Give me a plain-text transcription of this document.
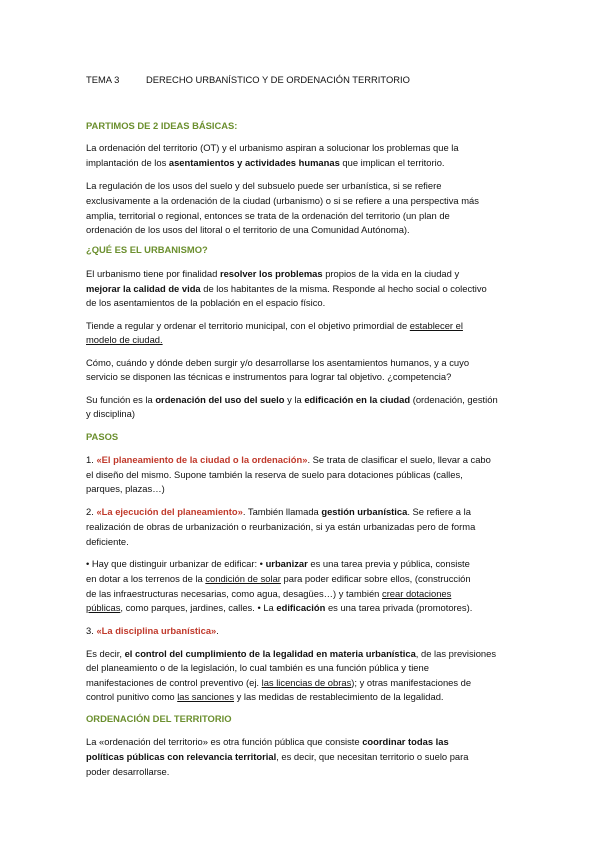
TEMA 3	DERECHO URBANÍSTICO Y DE ORDENACIÓN TERRITORIO
PARTIMOS DE 2 IDEAS BÁSICAS:
La ordenación del territorio (OT) y el urbanismo aspiran a solucionar los problemas que la
implantación de los asentamientos y actividades humanas que implican el territorio.
La regulación de los usos del suelo y del subsuelo puede ser urbanística, si se refiere
exclusivamente a la ordenación de la ciudad (urbanismo) o si se refiere a una perspectiva más
amplia, territorial o regional, entonces se trata de la ordenación del territorio (un plan de
ordenación de los usos del litoral o el territorio de una Comunidad Autónoma).
¿QUÉ ES EL URBANISMO?
El urbanismo tiene por finalidad resolver los problemas propios de la vida en la ciudad y
mejorar la calidad de vida de los habitantes de la misma. Responde al hecho social o colectivo
de los asentamientos de la población en el espacio físico.
Tiende a regular y ordenar el territorio municipal, con el objetivo primordial de establecer el
modelo de ciudad.
Cómo, cuándo y dónde deben surgir y/o desarrollarse los asentamientos humanos, y a cuyo
servicio se disponen las técnicas e instrumentos para lograr tal objetivo. ¿competencia?
Su función es la ordenación del uso del suelo y la edificación en la ciudad (ordenación, gestión
y disciplina)
PASOS
1. «El planeamiento de la ciudad o la ordenación». Se trata de clasificar el suelo, llevar a cabo
el diseño del mismo. Supone también la reserva de suelo para dotaciones públicas (calles,
parques, plazas…)
2. «La ejecución del planeamiento». También llamada gestión urbanística. Se refiere a la
realización de obras de urbanización o reurbanización, si ya están urbanizadas pero de forma
deficiente.
• Hay que distinguir urbanizar de edificar: • urbanizar es una tarea previa y pública, consiste
en dotar a los terrenos de la condición de solar para poder edificar sobre ellos, (construcción
de las infraestructuras necesarias, como agua, desagües…) y también crear dotaciones
públicas, como parques, jardines, calles. • La edificación es una tarea privada (promotores).
3. «La disciplina urbanística».
Es decir, el control del cumplimiento de la legalidad en materia urbanística, de las previsiones
del planeamiento o de la legislación, lo cual también es una función pública y tiene
manifestaciones de control preventivo (ej. las licencias de obras); y otras manifestaciones de
control punitivo como las sanciones y las medidas de restablecimiento de la legalidad.
ORDENACIÓN DEL TERRITORIO
La «ordenación del territorio» es otra función pública que consiste coordinar todas las
políticas públicas con relevancia territorial, es decir, que necesitan territorio o suelo para
poder desarrollarse.
